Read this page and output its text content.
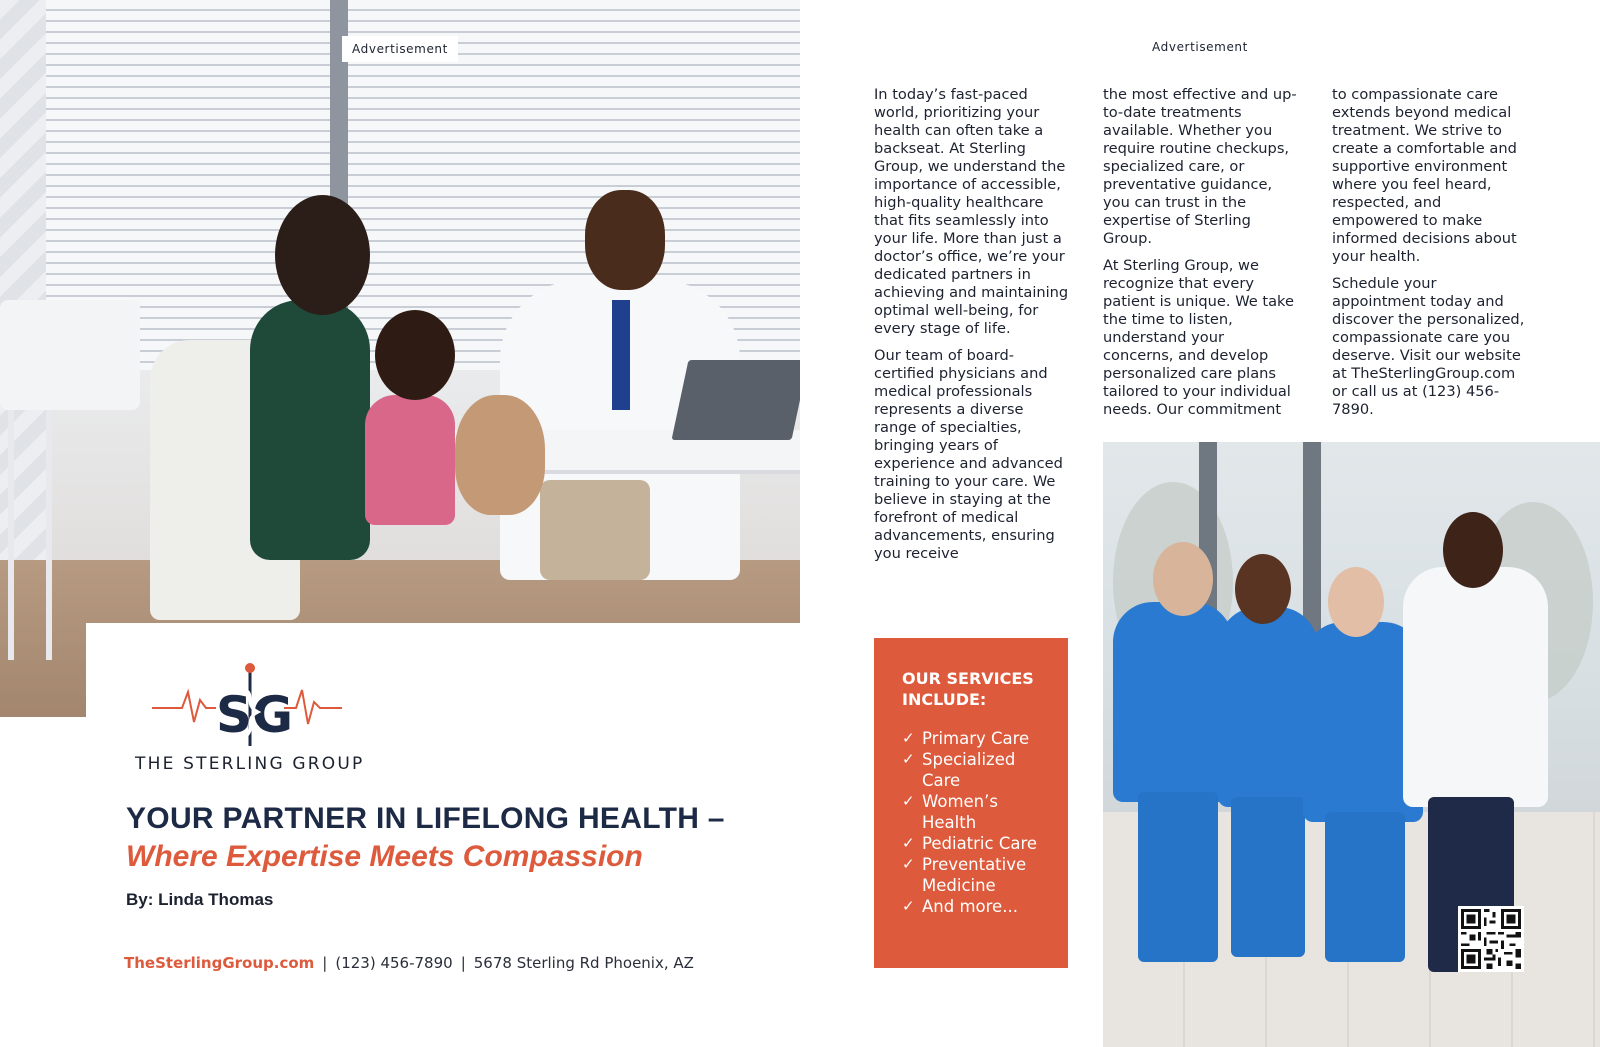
Advertisement
SG
THE STERLING GROUP
YOUR PARTNER IN LIFELONG HEALTH –
Where Expertise Meets Compassion
By: Linda Thomas
TheSterlingGroup.com | (123) 456-7890 | 5678 Sterling Rd Phoenix, AZ
Advertisement

In today’s fast-paced world, prioritizing your health can often take a backseat. At Sterling Group, we understand the importance of accessible, high-quality healthcare that fits seamlessly into your life. More than just a doctor’s office, we’re your dedicated partners in achieving and maintaining optimal well-being, for every stage of life.

Our team of board-certified physicians and medical professionals represents a diverse range of specialties, bringing years of experience and advanced training to your care. We believe in staying at the forefront of medical advancements, ensuring you receive

the most effective and up-to-date treatments available. Whether you require routine checkups, specialized care, or preventative guidance, you can trust in the expertise of Sterling Group.

At Sterling Group, we recognize that every patient is unique. We take the time to listen, understand your concerns, and develop personalized care plans tailored to your individual needs. Our commitment

to compassionate care extends beyond medical treatment. We strive to create a comfortable and supportive environment where you feel heard, respected, and empowered to make informed decisions about your health.

Schedule your appointment today and discover the personalized, compassionate care you deserve. Visit our website at TheSterlingGroup.com or call us at (123) 456-7890.

OUR SERVICES INCLUDE:
✓ Primary Care
✓ Specialized Care
✓ Women’s Health
✓ Pediatric Care
✓ Preventative Medicine
✓ And more...
